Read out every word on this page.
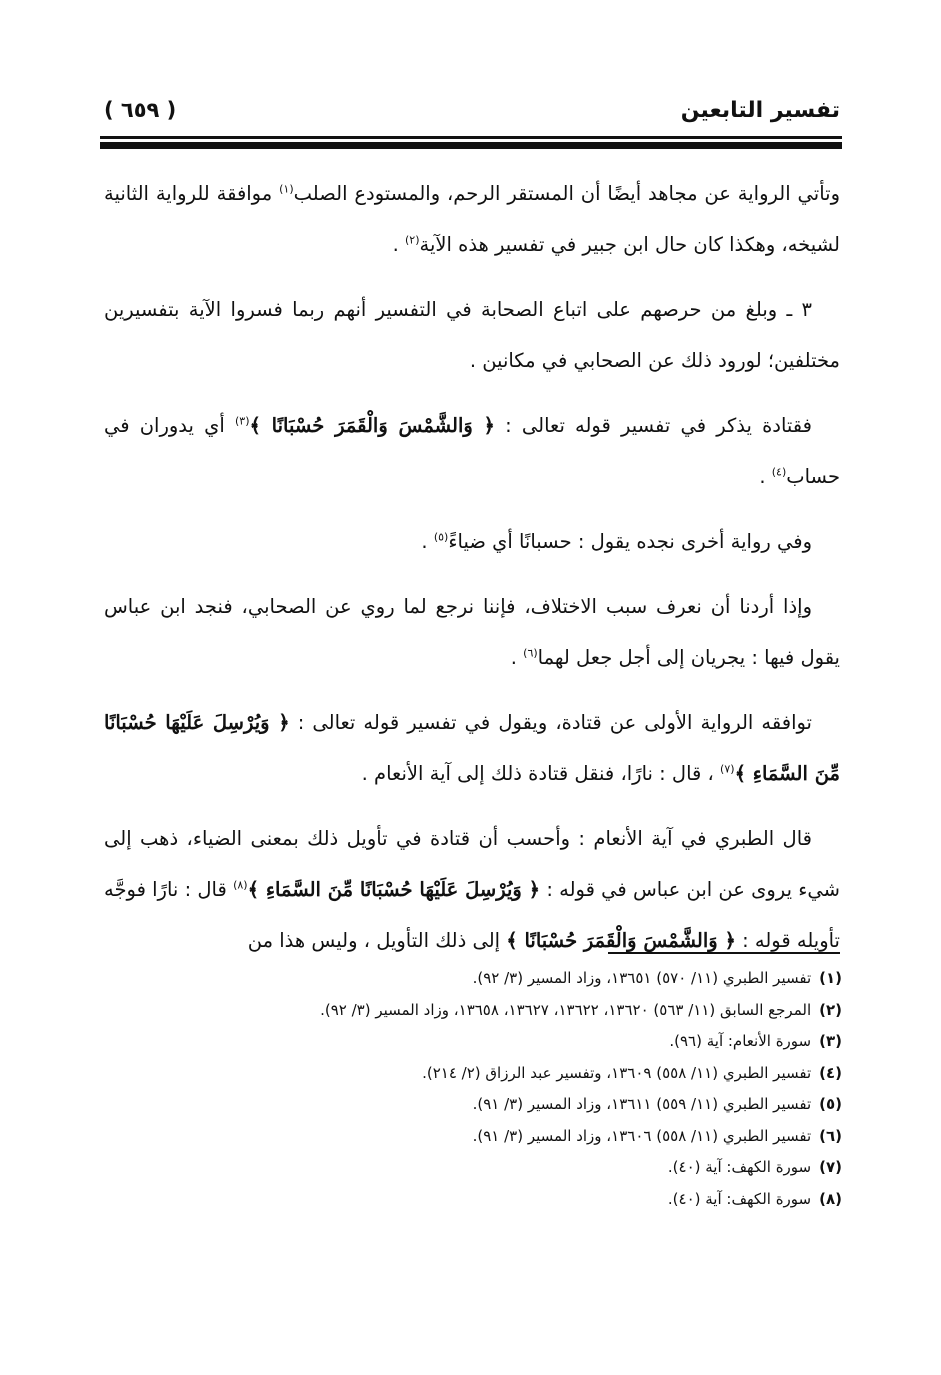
تفسير التابعين
( ٦٥٩ )

وتأتي الرواية عن مجاهد أيضًا أن المستقر الرحم، والمستودع الصلب$^{(١)}$ موافقة للرواية الثانية لشيخه، وهكذا كان حال ابن جبير في تفسير هذه الآية$^{(٢)}$ .

٣ ـ وبلغ من حرصهم على اتباع الصحابة في التفسير أنهم ربما فسروا الآية بتفسيرين مختلفين؛ لورود ذلك عن الصحابي في مكانين .

فقتادة يذكر في تفسير قوله تعالى : ﴿ وَالشَّمْسَ وَالْقَمَرَ حُسْبَانًا ﴾$^{(٣)}$ أي يدوران في حساب$^{(٤)}$ .

وفي رواية أخرى نجده يقول : حسبانًا أي ضياءً$^{(٥)}$ .

وإذا أردنا أن نعرف سبب الاختلاف، فإننا نرجع لما روي عن الصحابي، فنجد ابن عباس يقول فيها : يجريان إلى أجل جعل لهما$^{(٦)}$ .

توافقه الرواية الأولى عن قتادة، ويقول في تفسير قوله تعالى : ﴿ وَيُرْسِلَ عَلَيْهَا حُسْبَانًا مِّنَ السَّمَاءِ ﴾$^{(٧)}$ ، قال : نارًا، فنقل قتادة ذلك إلى آية الأنعام .

قال الطبري في آية الأنعام : وأحسب أن قتادة في تأويل ذلك بمعنى الضياء، ذهب إلى شيء يروى عن ابن عباس في قوله : ﴿ وَيُرْسِلَ عَلَيْهَا حُسْبَانًا مِّنَ السَّمَاءِ ﴾$^{(٨)}$ قال : نارًا فوجَّه تأويله قوله : ﴿ وَالشَّمْسَ وَالْقَمَرَ حُسْبَانًا ﴾ إلى ذلك التأويل ، وليس هذا من

(١)تفسير الطبري (١١/ ٥٧٠) ١٣٦٥١، وزاد المسير (٣/ ٩٢).
(٢)المرجع السابق (١١/ ٥٦٣) ١٣٦٢٠، ١٣٦٢٢، ١٣٦٢٧، ١٣٦٥٨، وزاد المسير (٣/ ٩٢).
(٣)سورة الأنعام: آية (٩٦).
(٤)تفسير الطبري (١١/ ٥٥٨) ١٣٦٠٩، وتفسير عبد الرزاق (٢/ ٢١٤).
(٥)تفسير الطبري (١١/ ٥٥٩) ١٣٦١١، وزاد المسير (٣/ ٩١).
(٦)تفسير الطبري (١١/ ٥٥٨) ١٣٦٠٦، وزاد المسير (٣/ ٩١).
(٧)سورة الكهف: آية (٤٠).
(٨)سورة الكهف: آية (٤٠).
